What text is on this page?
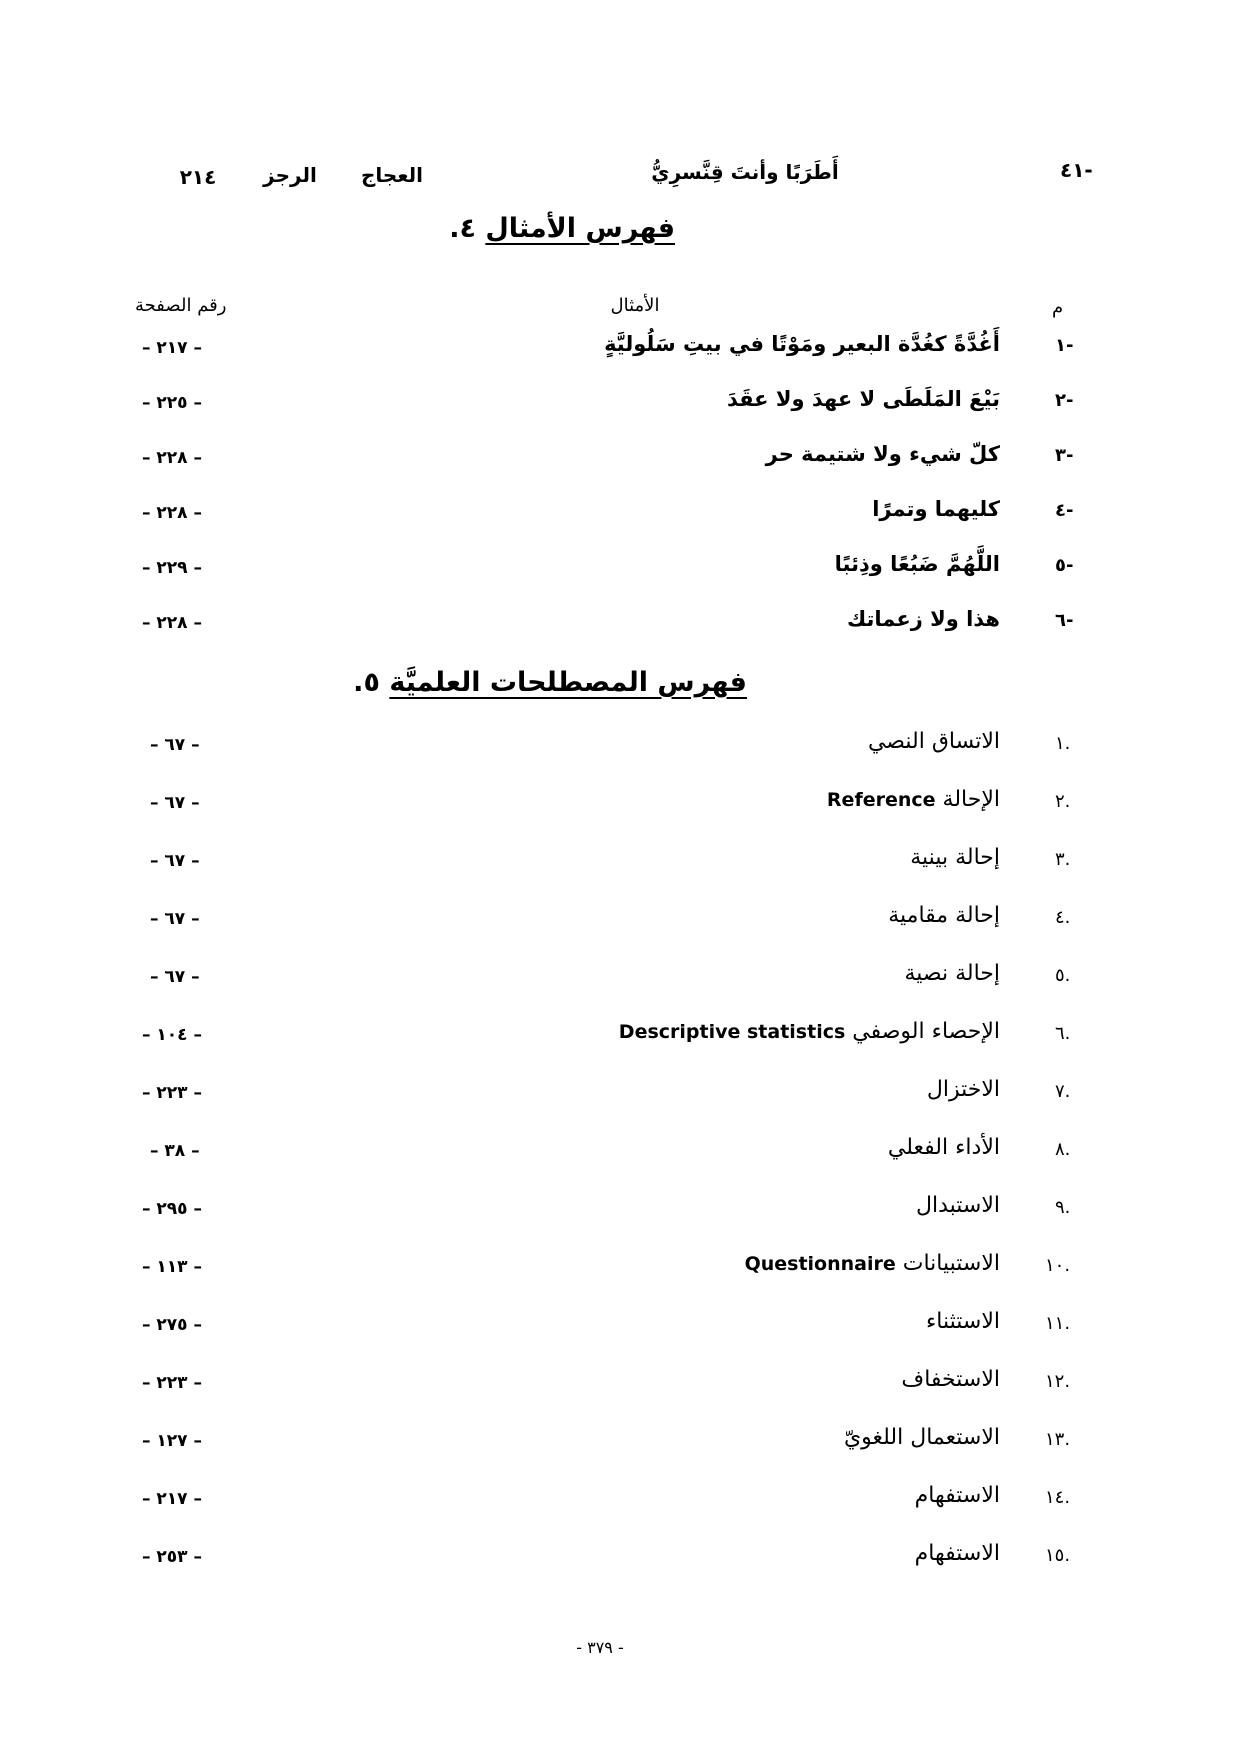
٤١-
أَطَرَبًا وأنتَ قِنَّسرِيُّ
العجاج
الرجز
٢١٤
فهرس الأمثال ٤.
م
الأمثال
رقم الصفحة
١-
أَغُدَّةً كغُدَّة البعير ومَوْتًا في بيتِ سَلُوليَّةٍ
– ٢١٧ –
٢-
بَيْعَ المَلَطَى لا عهدَ ولا عقَدَ
– ٢٢٥ –
٣-
كلّ شيء ولا شتيمة حر
– ٢٢٨ –
٤-
كليهما وتمرًا
– ٢٢٨ –
٥-
اللَّهُمَّ ضَبُعًا وذِئبًا
– ٢٢٩ –
٦-
هذا ولا زعماتك
– ٢٢٨ –
فهرس المصطلحات العلميَّة ٥.
١.
الاتساق النصي
– ٦٧ –
٢.
الإحالة Reference
– ٦٧ –
٣.
إحالة بينية
– ٦٧ –
٤.
إحالة مقامية
– ٦٧ –
٥.
إحالة نصية
– ٦٧ –
٦.
الإحصاء الوصفي Descriptive statistics
– ١٠٤ –
٧.
الاختزال
– ٢٢٣ –
٨.
الأداء الفعلي
– ٣٨ –
٩.
الاستبدال
– ٢٩٥ –
١٠.
الاستبيانات Questionnaire
– ١١٣ –
١١.
الاستثناء
– ٢٧٥ –
١٢.
الاستخفاف
– ٢٢٣ –
١٣.
الاستعمال اللغويّ
– ١٢٧ –
١٤.
الاستفهام
– ٢١٧ –
١٥.
الاستفهام
– ٢٥٣ –
- ٣٧٩ -
